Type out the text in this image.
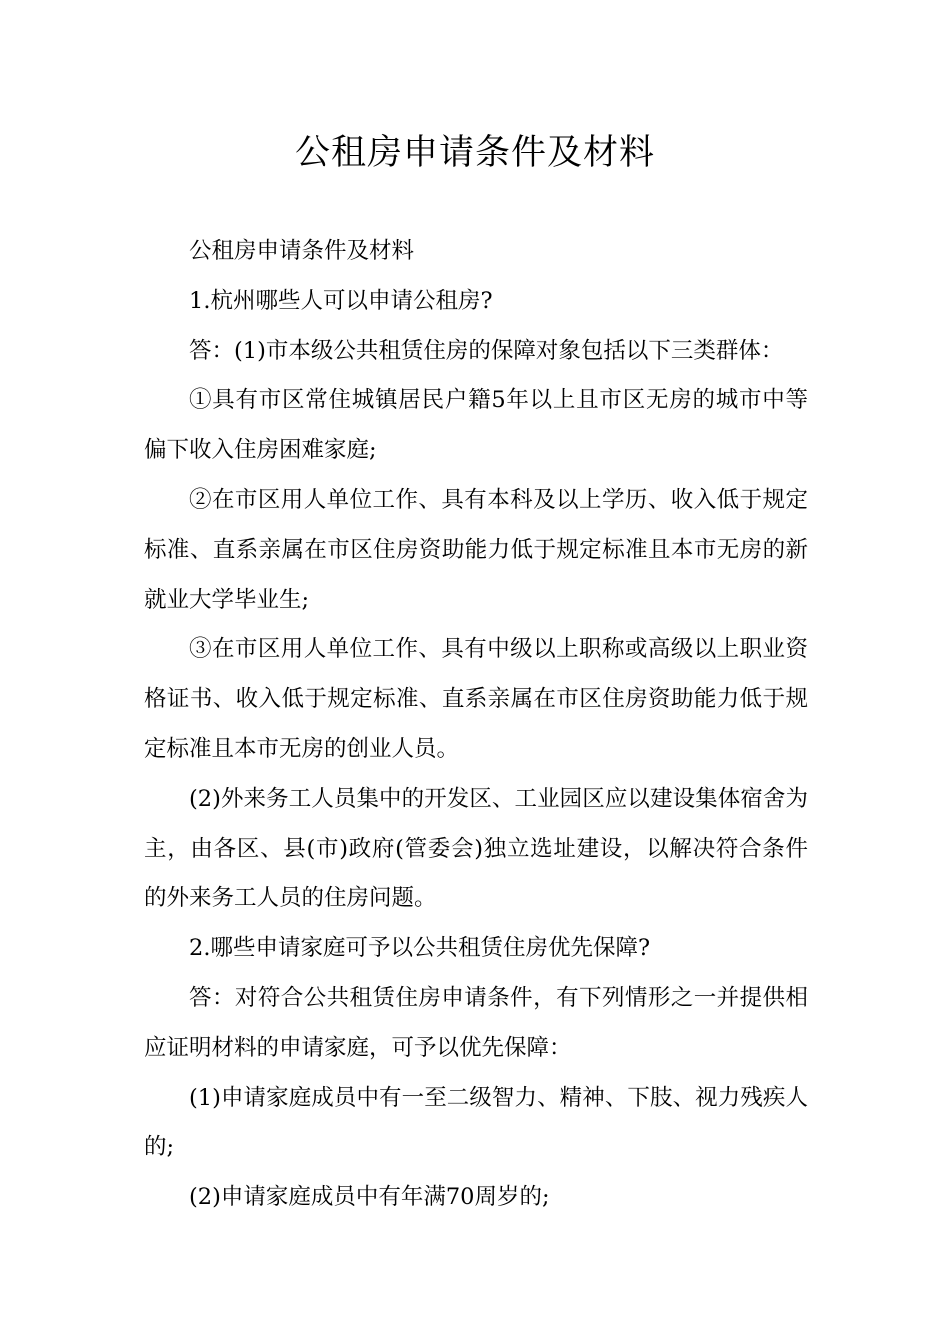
公租房申请条件及材料

公租房申请条件及材料

1.杭州哪些人可以申请公租房?

答：(1)市本级公共租赁住房的保障对象包括以下三类群体：

①具有市区常住城镇居民户籍5年以上且市区无房的城市中等偏下收入住房困难家庭;

②在市区用人单位工作、具有本科及以上学历、收入低于规定标准、直系亲属在市区住房资助能力低于规定标准且本市无房的新就业大学毕业生;

③在市区用人单位工作、具有中级以上职称或高级以上职业资格证书、收入低于规定标准、直系亲属在市区住房资助能力低于规定标准且本市无房的创业人员。

(2)外来务工人员集中的开发区、工业园区应以建设集体宿舍为主，由各区、县(市)政府(管委会)独立选址建设，以解决符合条件的外来务工人员的住房问题。

2.哪些申请家庭可予以公共租赁住房优先保障?

答：对符合公共租赁住房申请条件，有下列情形之一并提供相应证明材料的申请家庭，可予以优先保障：

(1)申请家庭成员中有一至二级智力、精神、下肢、视力残疾人的;

(2)申请家庭成员中有年满70周岁的;
